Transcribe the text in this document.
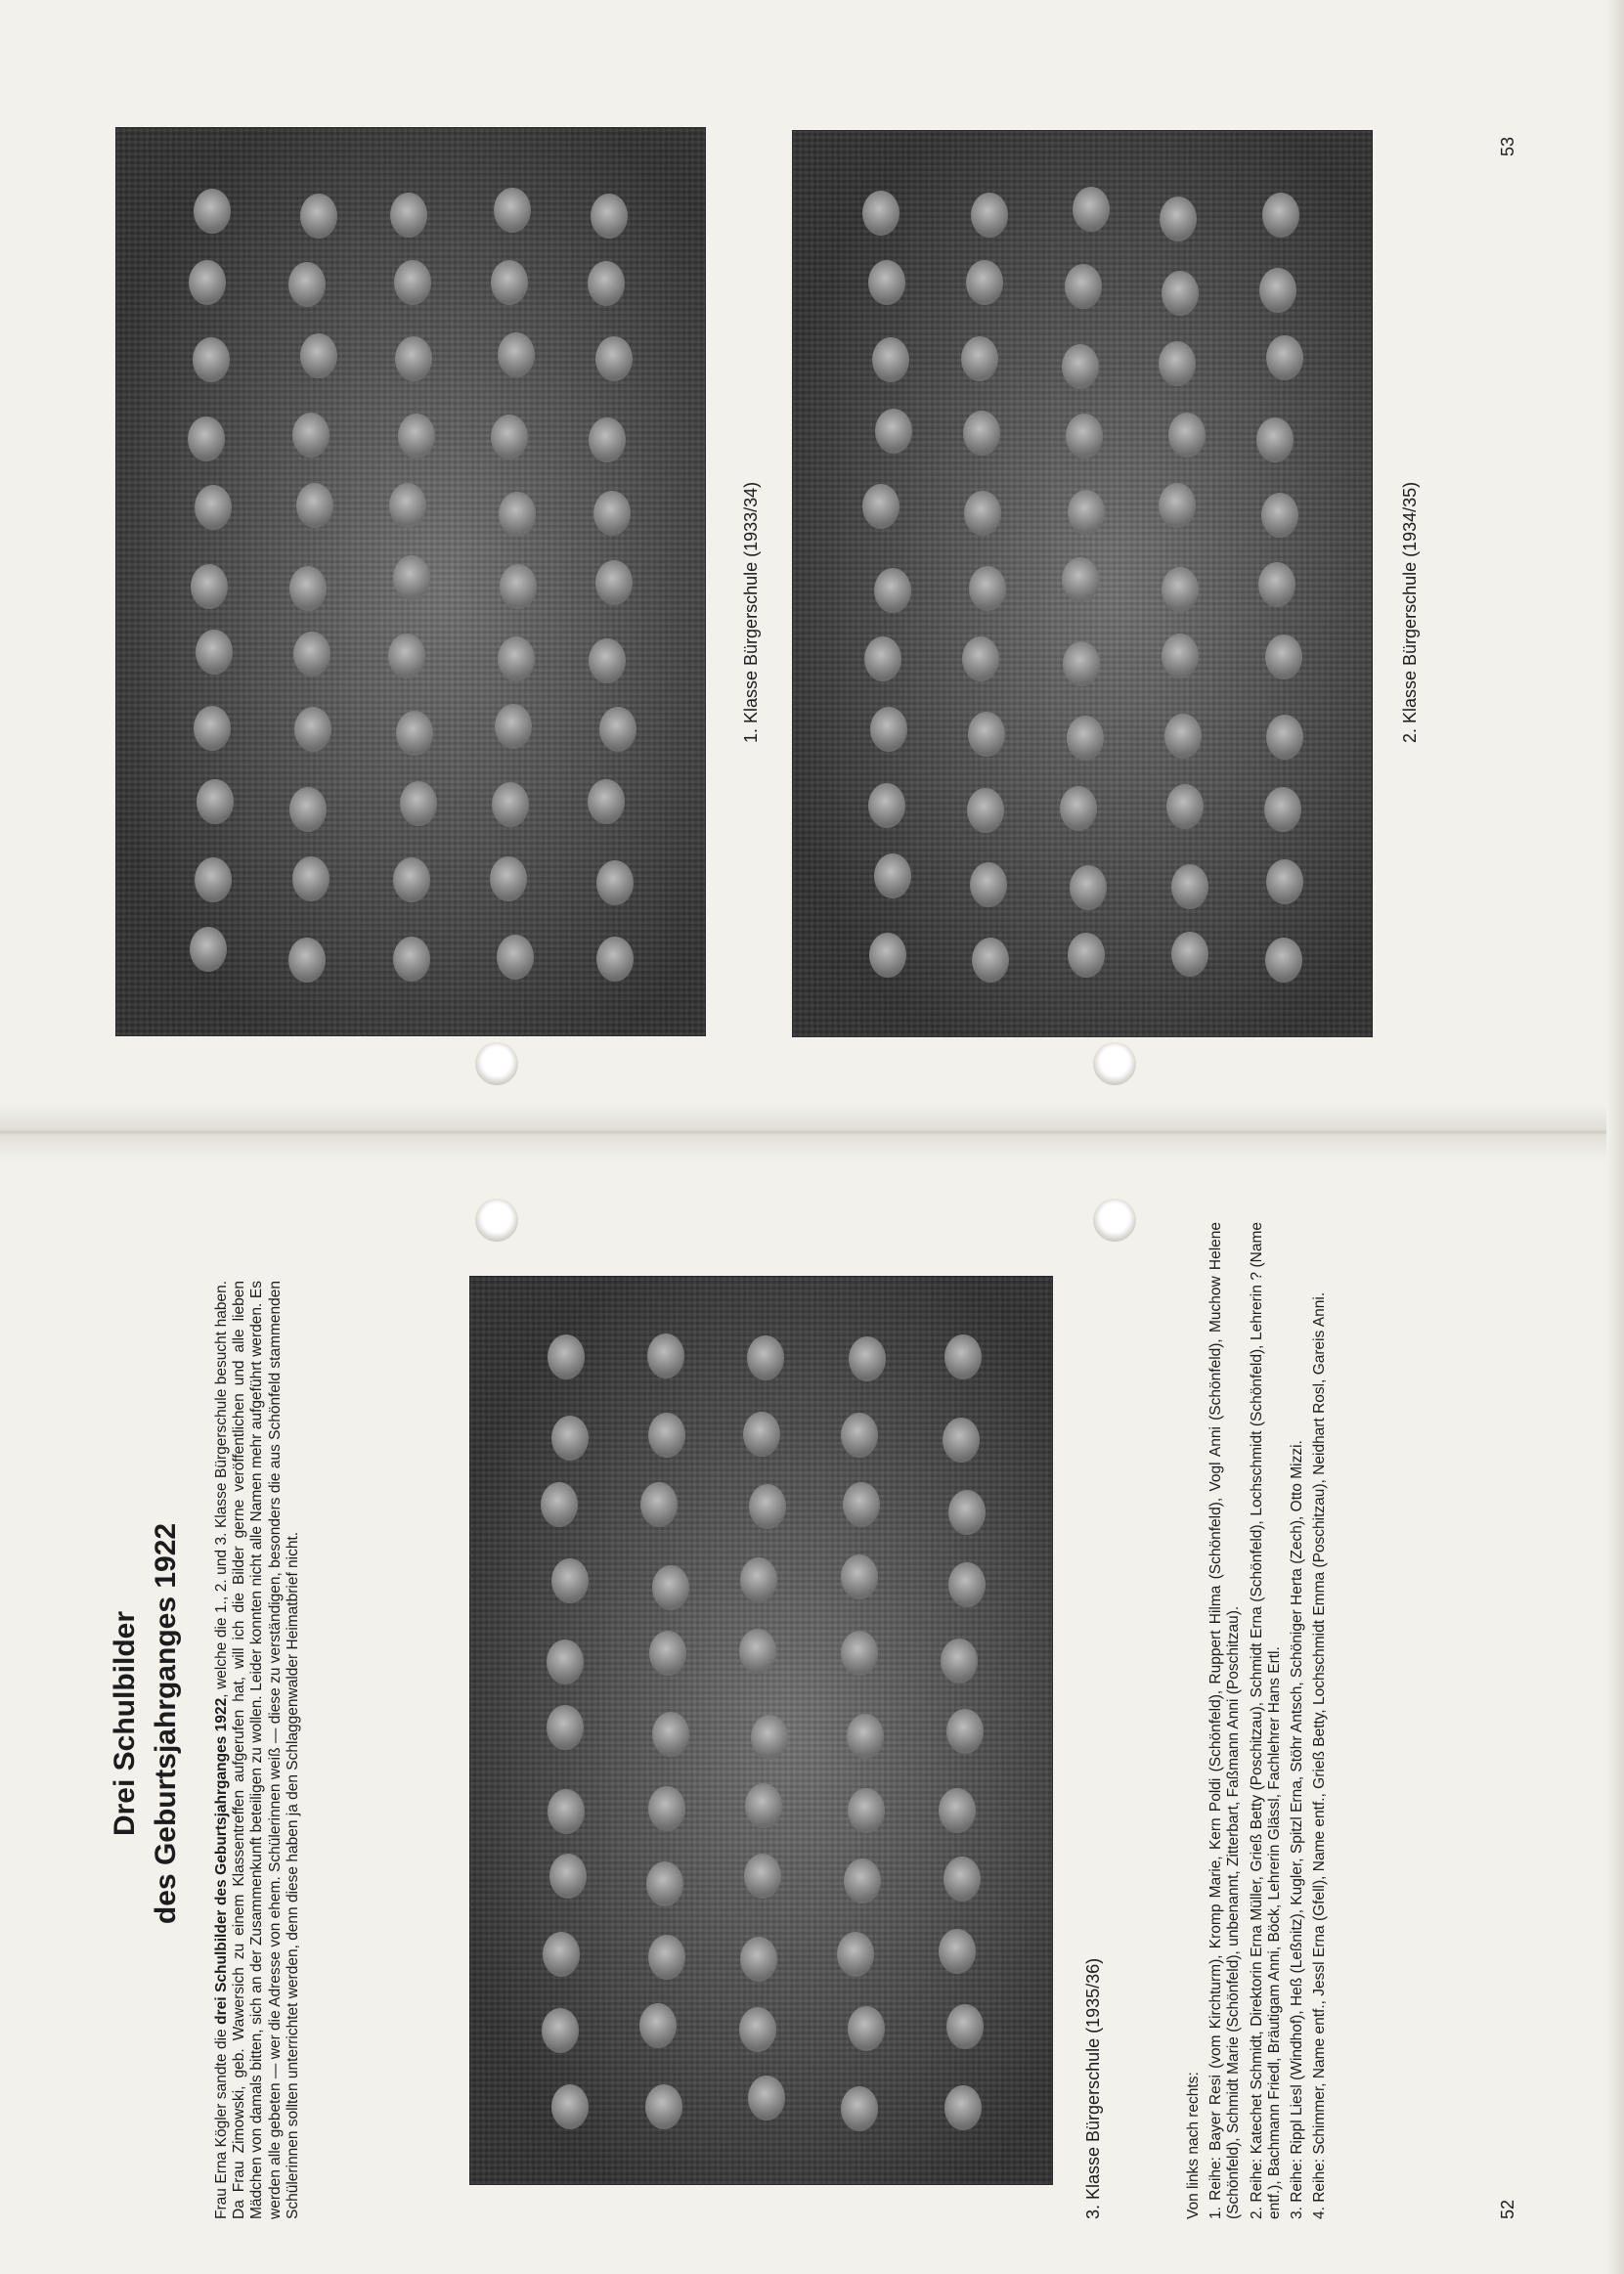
1. Klasse Bürgerschule (1933/34)	2. Klasse Bürgerschule (1934/35)
53
Drei Schulbilder des Geburtsjahrganges 1922
Frau Erna Kögler sandte die drei Schulbilder des Geburtsjahrganges 1922, welche die 1., 2. und 3. Klasse Bürgerschule besucht haben. Da Frau Zimowski, geb. Wawersich zu einem Klassentreffen aufgerufen hat, will ich die Bilder gerne veröffentlichen und alle lieben Mädchen von damals bitten, sich an der Zusammenkunft beteiligen zu wollen. Leider konnten nicht alle Namen mehr aufgeführt werden. Es werden alle gebeten — wer die Adresse von ehem. Schülerinnen weiß — diese zu verständigen, besonders die aus Schönfeld stammenden Schülerinnen sollten unterrichtet werden, denn diese haben ja den Schlaggenwalder Heimatbrief nicht.	3. Klasse Bürgerschule (1935/36)	Von links nach rechts: 1. Reihe: Bayer Resi (vom Kirchturm), Kromp Marie, Kern Poldi (Schönfeld), Ruppert Hilma (Schönfeld), Vogl Anni (Schönfeld), Muchow Helene (Schönfeld), Schmidt Marie (Schönfeld), unbenannt, Zitterbart, Faßmann Anni (Poschitzau). 2. Reihe: Katechet Schmidt, Direktorin Erna Müller, Grieß Betty (Poschitzau), Schmidt Erna (Schönfeld), Lochschmidt (Schönfeld), Lehrerin ? (Name entf.), Bachmann Friedl, Bräutigam Anni, Böck, Lehrerin Glässl, Fachlehrer Hans Ertl. 3. Reihe: Rippl Liesl (Windhof), Heß (Leßnitz), Kugler, Spitzl Erna, Stöhr Antsch, Schöniger Herta (Zech), Otto Mizzi. 4. Reihe: Schimmer, Name entf., Jessl Erna (Gfell), Name entf., Grieß Betty, Lochschmidt Emma (Poschitzau), Neidhart Rosl, Gareis Anni.	52
